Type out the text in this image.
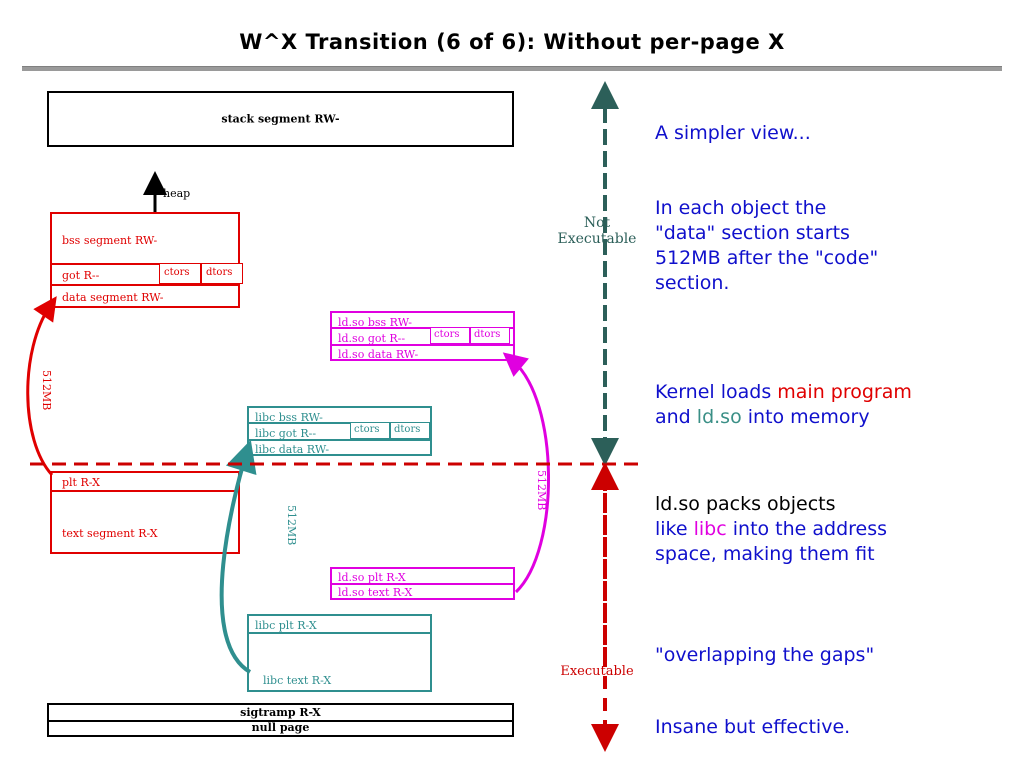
W^X Transition (6 of 6): Without per-page X
stack segment RW-
heap
bss segment RW-
got R--
data segment RW-
ctors dtors
ld.so bss RW-
ld.so got R--
ld.so data RW-
ctors dtors
libc bss RW-
libc got R--
libc data RW-
ctors dtors
plt R-X
text segment R-X
ld.so plt R-X
ld.so text R-X
libc plt R-X
libc text R-X
sigtramp R-X
null page
512MB
512MB
512MB
Not
Executable
Executable
A simpler view...
In each object the
"data" section starts
512MB after the "code"
section.
Kernel loads main program
and ld.so into memory
ld.so packs objects
like libc into the address
space, making them fit
"overlapping the gaps"
Insane but effective.
